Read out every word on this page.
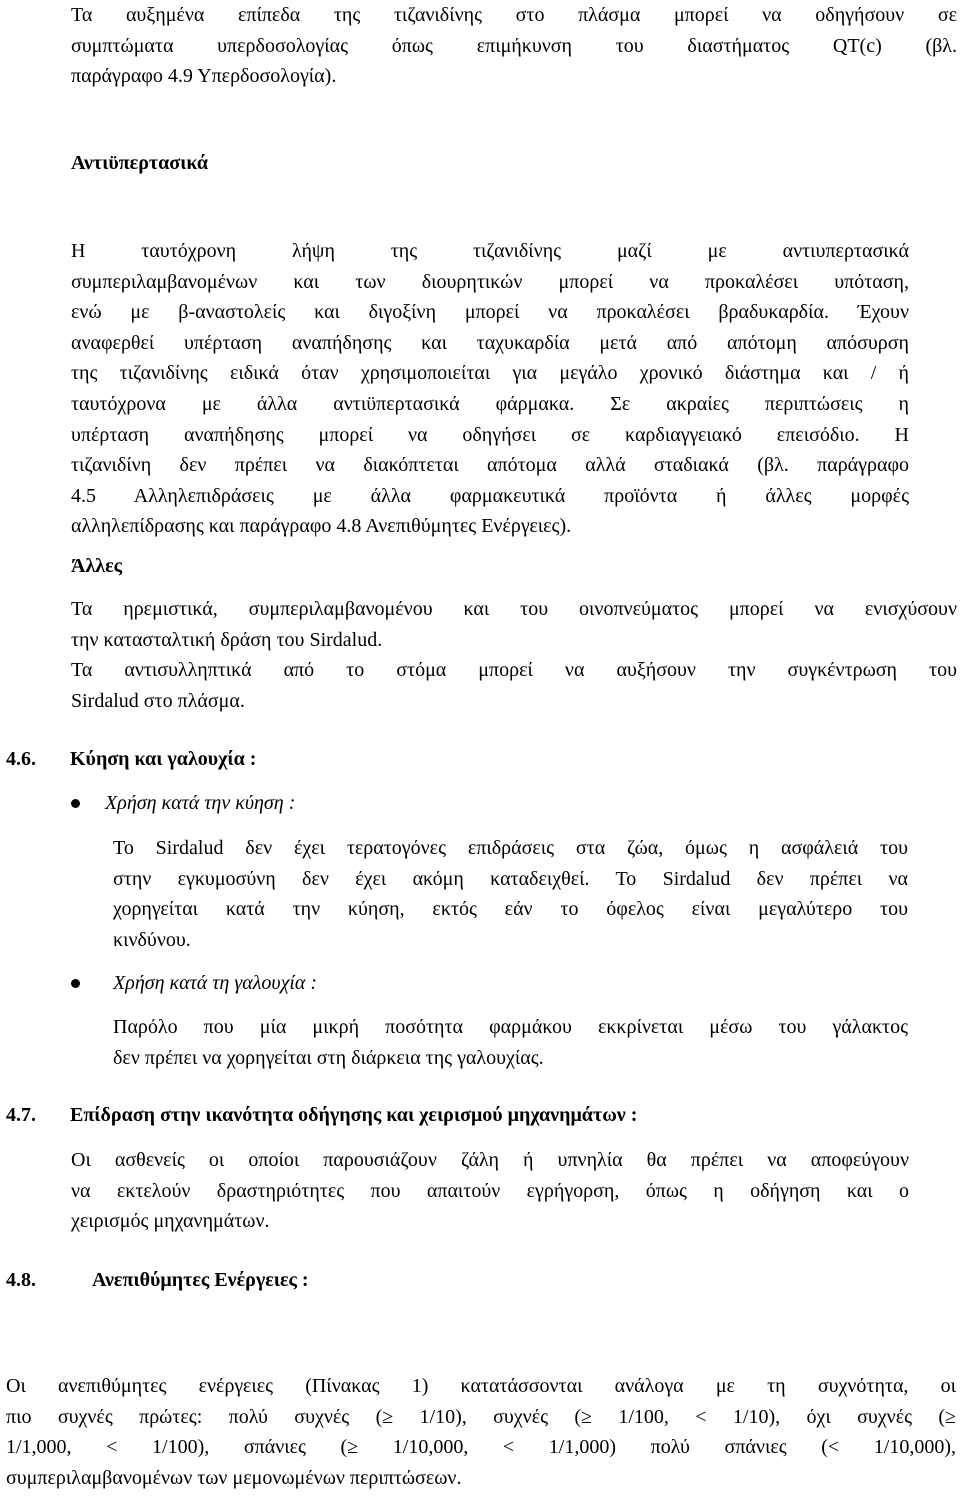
Τα αυξημένα επίπεδα της τιζανιδίνης στο πλάσμα μπορεί να οδηγήσουν σε
συμπτώματα υπερδοσολογίας όπως επιμήκυνση του διαστήματος QT(c) (βλ.
παράγραφο 4.9 Υπερδοσολογία).
Αντιϋπερτασικά
Η ταυτόχρονη λήψη της τιζανιδίνης μαζί με αντιυπερτασικά
συμπεριλαμβανομένων και των διουρητικών μπορεί να προκαλέσει υπόταση,
ενώ με β-αναστολείς και διγοξίνη μπορεί να προκαλέσει βραδυκαρδία. Έχουν
αναφερθεί υπέρταση αναπήδησης και ταχυκαρδία μετά από απότομη απόσυρση
της τιζανιδίνης ειδικά όταν χρησιμοποιείται για μεγάλο χρονικό διάστημα και / ή
ταυτόχρονα με άλλα αντιϋπερτασικά φάρμακα. Σε ακραίες περιπτώσεις η
υπέρταση αναπήδησης μπορεί να οδηγήσει σε καρδιαγγειακό επεισόδιο. Η
τιζανιδίνη δεν πρέπει να διακόπτεται απότομα αλλά σταδιακά (βλ. παράγραφο
4.5 Αλληλεπιδράσεις με άλλα φαρμακευτικά προϊόντα ή άλλες μορφές
αλληλεπίδρασης και παράγραφο 4.8 Ανεπιθύμητες Ενέργειες).
Άλλες
Τα ηρεμιστικά, συμπεριλαμβανομένου και του οινοπνεύματος μπορεί να ενισχύσουν
την κατασταλτική δράση του Sirdalud.
Τα αντισυλληπτικά από το στόμα μπορεί να αυξήσουν την συγκέντρωση του
Sirdalud στο πλάσμα.
4.6. Κύηση και γαλουχία :
Χρήση κατά την κύηση :
Το Sirdalud δεν έχει τερατογόνες επιδράσεις στα ζώα, όμως η ασφάλειά του
στην εγκυμοσύνη δεν έχει ακόμη καταδειχθεί. Το Sirdalud δεν πρέπει να
χορηγείται κατά την κύηση, εκτός εάν το όφελος είναι μεγαλύτερο του
κινδύνου.
Χρήση κατά τη γαλουχία :
Παρόλο που μία μικρή ποσότητα φαρμάκου εκκρίνεται μέσω του γάλακτος
δεν πρέπει να χορηγείται στη διάρκεια της γαλουχίας.
4.7. Επίδραση στην ικανότητα οδήγησης και χειρισμού μηχανημάτων :
Οι ασθενείς οι οποίοι παρουσιάζουν ζάλη ή υπνηλία θα πρέπει να αποφεύγουν
να εκτελούν δραστηριότητες που απαιτούν εγρήγορση, όπως η οδήγηση και ο
χειρισμός μηχανημάτων.
4.8.	Ανεπιθύμητες Ενέργειες :
Οι ανεπιθύμητες ενέργειες (Πίνακας 1) κατατάσσονται ανάλογα με τη συχνότητα, οι
πιο συχνές πρώτες: πολύ συχνές (≥ 1/10), συχνές (≥ 1/100, < 1/10), όχι συχνές (≥
1/1,000, < 1/100), σπάνιες (≥ 1/10,000, < 1/1,000) πολύ σπάνιες (< 1/10,000),
συμπεριλαμβανομένων των μεμονωμένων περιπτώσεων.
